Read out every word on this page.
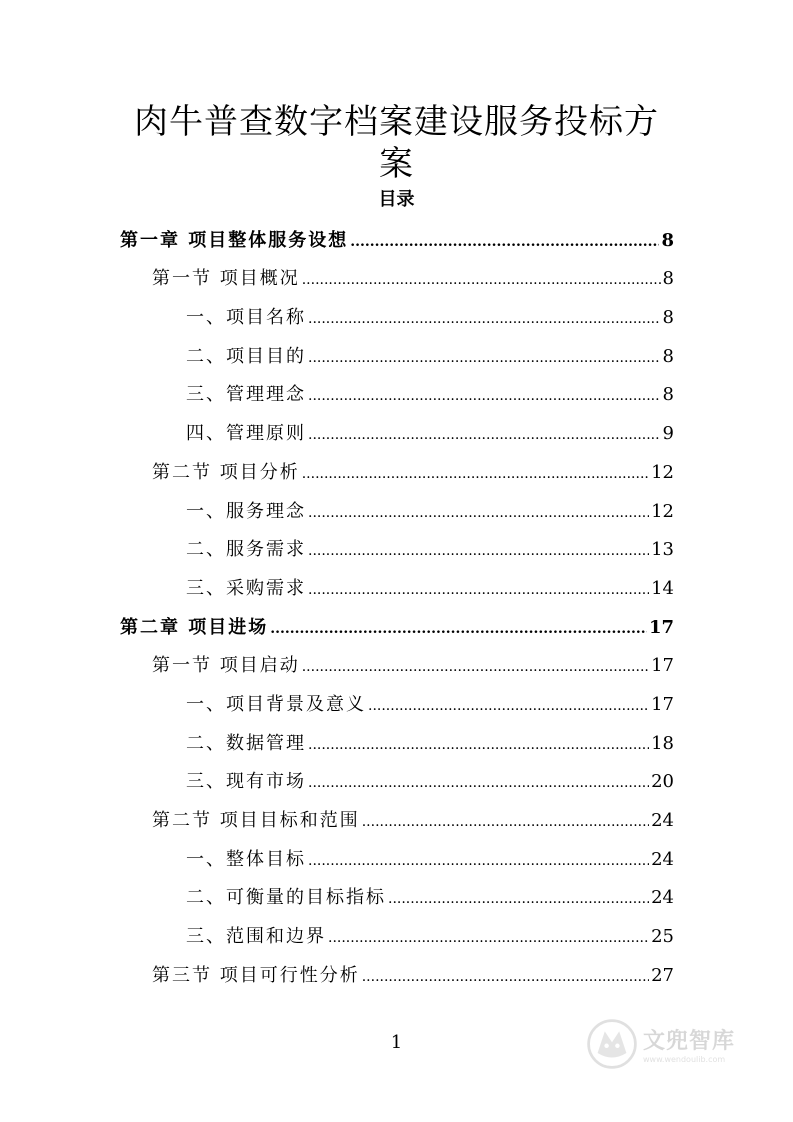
肉牛普查数字档案建设服务投标方
案
目录
第一章 项目整体服务设想 .....	8
第一节 项目概况 .....	8
一、项目名称 .....	8
二、项目目的 .....	8
三、管理理念 .....	8
四、管理原则 .....	9
第二节 项目分析 .....	12
一、服务理念 .....	12
二、服务需求 .....	13
三、采购需求 .....	14
第二章 项目进场 .....	17
第一节 项目启动 .....	17
一、项目背景及意义 .....	17
二、数据管理 .....	18
三、现有市场 .....	20
第二节 项目目标和范围 .....	24
一、整体目标 .....	24
二、可衡量的目标指标 .....	24
三、范围和边界 .....	25
第三节 项目可行性分析 .....	27
1	文兜智库
www.wendoulib.com
